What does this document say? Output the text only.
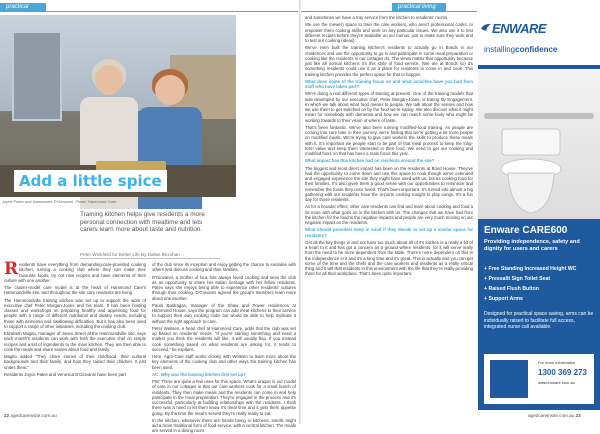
practical	practical living
Add a little spice
Joyce Pates and Nammaree D'Giovanni. Photo: Hammond Care
Training kitchen helps give residents a more personal connection with mealtime and lets carers learn more about taste and nutrition.
Peter Winkfield for Better Life By Dallas Bezuhan

Residents have everything from demanding-care-provided cooking kitchen, turning a cooking club where they can make their favourite foods, try out new recipes and have elements of their culture with one another.

The cluster-model care model is at the heart of Hammond Care's Hammondville site, and throughout the site care residents are living.

The Hammondville training kitchen was set up to support the work of executive chef Peter Morgan-Jones and his team. It has been hosting classes and workshops on preparing healthy and appetising food for people with a range of different nutritional and dietary needs, including those with dementia and swallowing difficulties. But it has also been used to support a range of other initiatives, including the cooking club.

Elizabeth Magito, manager of Jones Street at the Hammondville site, says each month's residents can work with both the executive chef on simple recipes and a list of ingredients to the main kitchen. They are then able to cook the meals and share stories about food and family.

Magito added "They share stories of their childhood, their cultural backgrounds and their family, and how they raised their children. It just unites them."

Residents Joyce Pates and Veronica D'Giovanni have been part

of the club since its inception and enjoy getting the chance to socialise with others and discuss cooking and their families.

D'Giovanni, a mother of four, has always loved cooking and sees the club as an opportunity to share her Italian heritage with her fellow residents. Pates says she enjoys being able to experience other residents' cultures through their cooking. D'Giovanni agreed the group's members learn more about one another.

Paula Baldragan, manager of the Shaw and Power residences at Hammond House, says the program can add meal kitchens to their service to support their own cooking clubs but would be able to help replicate it without the right approach to care.

Peter Weltsen, a head chef at Hammond Care, adds that the club was set up based on residents' needs: "If you're starting something and need a market you think the residents will like, it will usually flop. If you instead cook something based on what residents are asking for, it tends to succeed," he explains.

Here, Agro-Care staff works closely with Weltsen to learn more about the key elements of the cooking club and other ways the training kitchen has been used.

AC: Why was the training kitchen first set up?

PW: There are quite a few uses for this space. What's unique is our model of care in our cottages is that our care workers cook for a small bunch of residents. They then make meals and the residents can come in and help participate in the meal preparation. They're engaged in the process and it's successful, particularly at building relationships with the residents. I think there was a need to let them know it's meal time and it gets them appetite going. By the time the meal's served they're really ready to eat.

In the kitchen, whenever there are hands being in kitchens, smells might aid a more traditional form of food service, with a central kitchen. The meals are served in a dining room

and sometimes we have a tray service from the kitchen to residents' rooms.

We use the (newer) space to train the care workers, who aren't professional cooks, to empower them cooking skills and work on any particular issues. We also use it to test different recipes before they're available on our menus, just to make sure they work and to test our cooking (ideas).

We've even built the training kitchen's residents to actually go in Bonds in our residences and use the opportunity to go in and participate in some meal preparation or cooking like the residents in our cottages do. The views matter that opportunity because just like all normal kitchens it's this style of food service. (We are at Bonds so) it's something residents could use it as a place for residents to come in and cook. This training kitchen provides the perfect space for that to happen.

What does some of the training focus on and what activities have you had from staff who have taken part?

We're doing a real different types of training at present. One of the training models that was developed by our executive chef, Peter Morgan-Jones, is Eating By Engagement. In which we talk about what food means to people. We talk about the senses and how we use them to get switched on by the food we're eating. We also discuss what it might mean for somebody with dementia and how we can match some body who might be working towards to their vision of where of taste.

That's been fantastic. We've also been running modified-food training. As people are coming into care later in their journey, we're finding that we're getting a lot more people on modified meals. We're trying to give care workers the skills to produce these meals with it. It's important we people start to be part of that meal process to keep the long-term value and keep them interested in their food. We need to get our cooking and modified food, so that has been a main focus this year.

What impact has this kitchen had on residents around the site?

The biggest and most direct impact has been on the residents at Bond House. They've had the opportunity to come down and use this space to cook though we've extended and engaged experience the site they might have used with us, but as cooking food for their families. It's also given them a good sense with our opportunities to reminisce and remember the foods they once loved. That's been important. It's turned into almost a big gathering with our residents have the in-ports cooking tonight to play songs. It's a fun day for those residents.

As for a broader effect, other care residents can find and learn about cooking and food a lot more with what goes on in the kitchen with us. The changes that we have had from the kitchen for the food is the negative impacts and people are very much moving on our negative impact on the residents.

What should providers keep in mind if they decide to set up a similar space for residents?

Get all the key things in and not have too much about all of it's kitchen is a really a bit of a heart to it and has got a concern as a ground where residents, for it will serve really from the need to be more dependent from the table. There's more dependent on this in the independence in it and it's a long time and it's great. This is actually and you can get some of the time and the chefs and the care workers and residents as a really critical thing and it will that residents in this environment with the life that they're really providing there for all their workplace. That's been quite important.

ENWARE
installingconfidence
Enware CARE600
Providing independence, safety and dignity for users and carers
+ Free Standing Increased Height WC
+ Pressalit Sign Toilet Seat
+ Raised Flush Button
+ Support Arms
Designed for practical space saving, arms can be individually raised to facilitate full access, integrated nurse call available.
For more information
1300 369 273
www.enware.com.au
22 agedcareinsite.com.au	agedcareinsite.com.au 23
